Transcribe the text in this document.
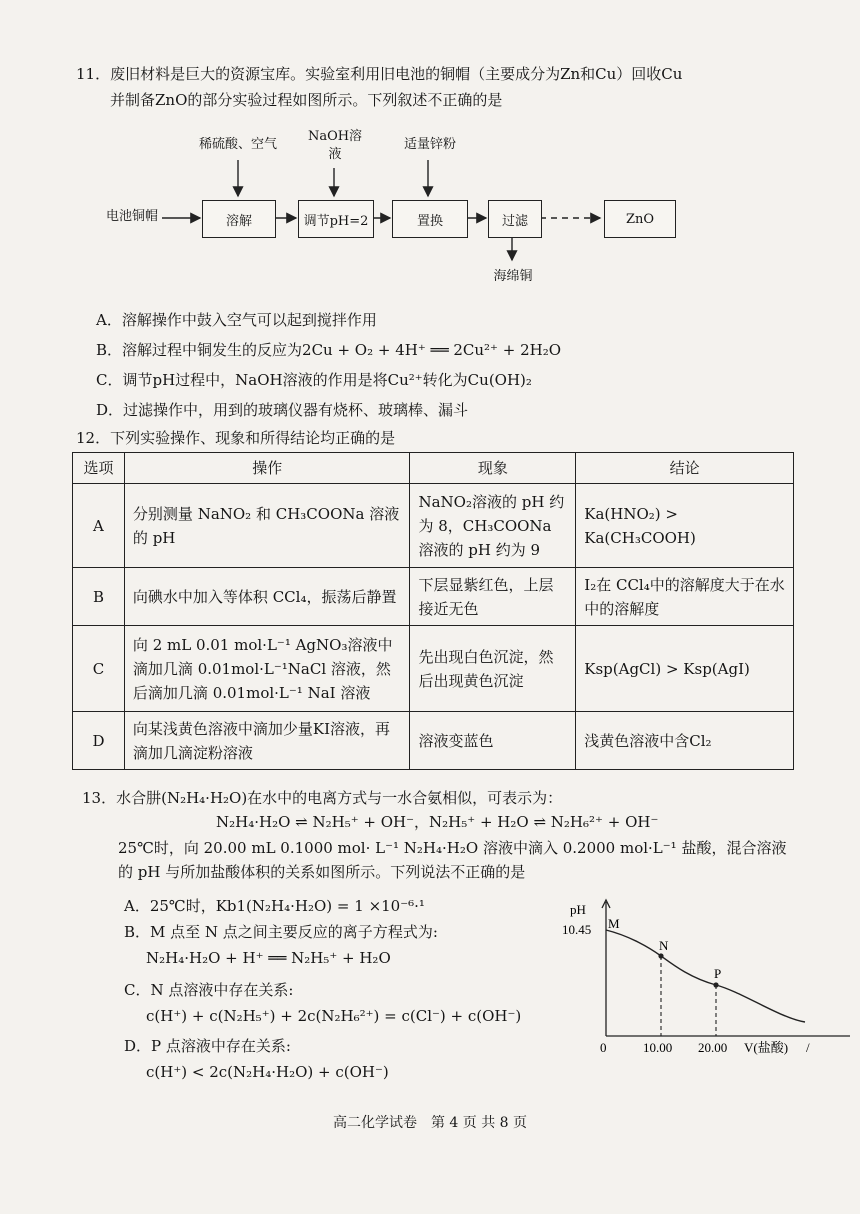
11．废旧材料是巨大的资源宝库。实验室利用旧电池的铜帽（主要成分为Zn和Cu）回收Cu
并制备ZnO的部分实验过程如图所示。下列叙述不正确的是
电池铜帽
稀硫酸、空气
NaOH溶
液
适量锌粉
溶解	调节pH=2	置换	过滤	ZnO
海绵铜
A．溶解操作中鼓入空气可以起到搅拌作用
B．溶解过程中铜发生的反应为2Cu + O₂ + 4H⁺ ══ 2Cu²⁺ + 2H₂O
C．调节pH过程中，NaOH溶液的作用是将Cu²⁺转化为Cu(OH)₂
D．过滤操作中，用到的玻璃仪器有烧杯、玻璃棒、漏斗
12．下列实验操作、现象和所得结论均正确的是
选项	操作	现象	结论
A	分别测量 NaNO₂ 和 CH₃COONa 溶液的 pH	NaNO₂溶液的 pH 约为 8，CH₃COONa 溶液的 pH 约为 9	Ka(HNO₂) > Ka(CH₃COOH)
B	向碘水中加入等体积 CCl₄，振荡后静置	下层显紫红色，上层接近无色	I₂在 CCl₄中的溶解度大于在水中的溶解度
C	向 2 mL 0.01 mol·L⁻¹ AgNO₃溶液中滴加几滴 0.01mol·L⁻¹NaCl 溶液，然后滴加几滴 0.01mol·L⁻¹ NaI 溶液	先出现白色沉淀，然后出现黄色沉淀	Ksp(AgCl) > Ksp(AgI)
D	向某浅黄色溶液中滴加少量KI溶液，再滴加几滴淀粉溶液	溶液变蓝色	浅黄色溶液中含Cl₂
13．水合肼(N₂H₄·H₂O)在水中的电离方式与一水合氨相似，可表示为：
N₂H₄·H₂O ⇌ N₂H₅⁺ + OH⁻，N₂H₅⁺ + H₂O ⇌ N₂H₆²⁺ + OH⁻
25℃时，向 20.00 mL 0.1000 mol· L⁻¹ N₂H₄·H₂O 溶液中滴入 0.2000 mol·L⁻¹ 盐酸，混合溶液
的 pH 与所加盐酸体积的关系如图所示。下列说法不正确的是
A．25℃时，Kb1(N₂H₄·H₂O) = 1 ×10⁻⁶·¹
B．M 点至 N 点之间主要反应的离子方程式为:
N₂H₄·H₂O + H⁺ ══ N₂H₅⁺ + H₂O
C．N 点溶液中存在关系:
c(H⁺) + c(N₂H₅⁺) + 2c(N₂H₆²⁺) = c(Cl⁻) + c(OH⁻)
D．P 点溶液中存在关系:
c(H⁺) < 2c(N₂H₄·H₂O) + c(OH⁻)
pH
0
10.45 M
N
P
10.00 20.00 V(盐酸) /
高二化学试卷　第 4 页 共 8 页
